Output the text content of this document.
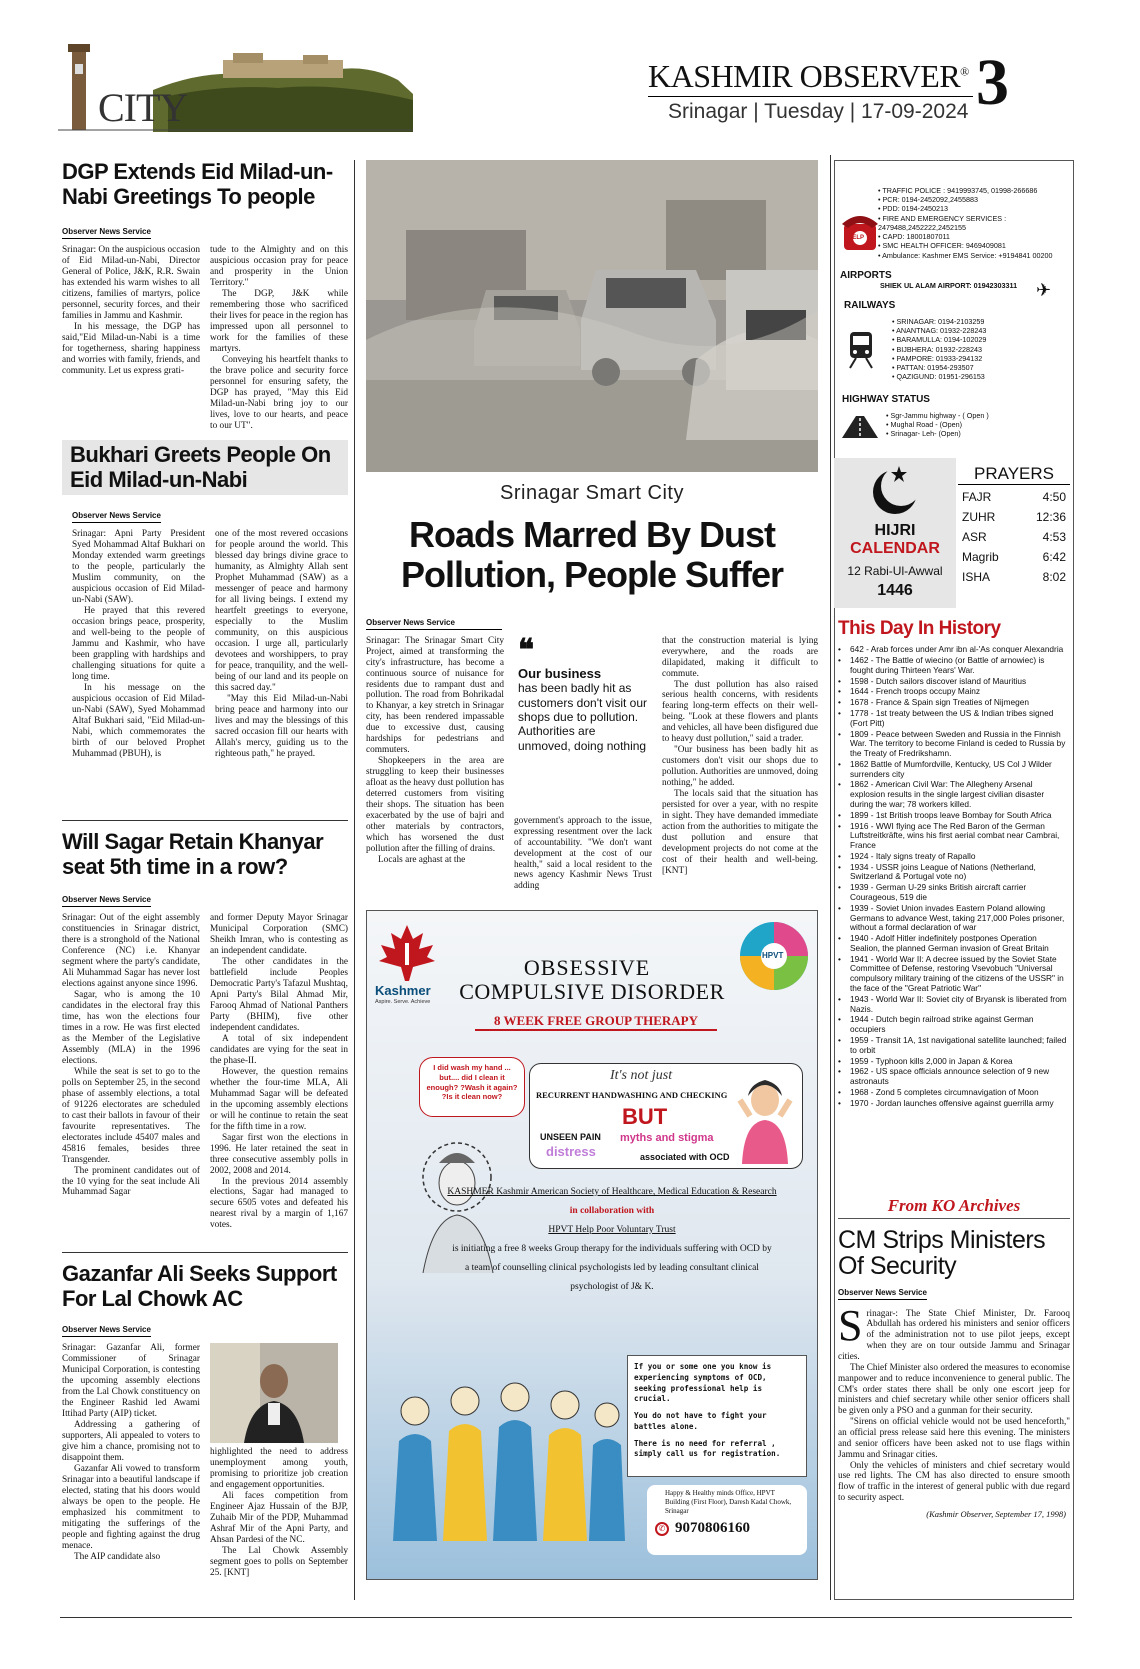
CITY
KASHMIR OBSERVER®
Srinagar | Tuesday | 17-09-2024 3
DGP Extends Eid Milad-un-Nabi Greetings To people
Observer News Service

Srinagar: On the auspicious occasion of Eid Milad-un-Nabi, Director General of Police, J&K, R.R. Swain has extended his warm wishes to all citizens, families of martyrs, police personnel, security forces, and their families in Jammu and Kashmir.

In his message, the DGP has said,"Eid Milad-un-Nabi is a time for togetherness, sharing happiness and worries with family, friends, and community. Let us express grati-

tude to the Almighty and on this auspicious occasion pray for peace and prosperity in the Union Territory."

The DGP, J&K while remembering those who sacrificed their lives for peace in the region has impressed upon all personnel to work for the families of these martyrs.

Conveying his heartfelt thanks to the brave police and security force personnel for ensuring safety, the DGP has prayed, "May this Eid Milad-un-Nabi bring joy to our lives, love to our hearts, and peace to our UT".

Bukhari Greets People On Eid Milad-un-Nabi
Observer News Service

Srinagar: Apni Party President Syed Mohammad Altaf Bukhari on Monday extended warm greetings to the people, particularly the Muslim community, on the auspicious occasion of Eid Milad-un-Nabi (SAW).

He prayed that this revered occasion brings peace, prosperity, and well-being to the people of Jammu and Kashmir, who have been grappling with hardships and challenging situations for quite a long time.

In his message on the auspicious occasion of Eid Milad-un-Nabi (SAW), Syed Mohammad Altaf Bukhari said, "Eid Milad-un-Nabi, which commemorates the birth of our beloved Prophet Muhammad (PBUH), is

one of the most revered occasions for people around the world. This blessed day brings divine grace to humanity, as Almighty Allah sent Prophet Muhammad (SAW) as a messenger of peace and harmony for all living beings. I extend my heartfelt greetings to everyone, especially to the Muslim community, on this auspicious occasion. I urge all, particularly devotees and worshippers, to pray for peace, tranquility, and the well-being of our land and its people on this sacred day."

"May this Eid Milad-un-Nabi bring peace and harmony into our lives and may the blessings of this sacred occasion fill our hearts with Allah's mercy, guiding us to the righteous path," he prayed.

Will Sagar Retain Khanyar seat 5th time in a row?
Observer News Service

Srinagar: Out of the eight assembly constituencies in Srinagar district, there is a stronghold of the National Conference (NC) i.e. Khanyar segment where the party's candidate, Ali Muhammad Sagar has never lost elections against anyone since 1996.

Sagar, who is among the 10 candidates in the electoral fray this time, has won the elections four times in a row. He was first elected as the Member of the Legislative Assembly (MLA) in the 1996 elections.

While the seat is set to go to the polls on September 25, in the second phase of assembly elections, a total of 91226 electorates are scheduled to cast their ballots in favour of their favourite representatives. The electorates include 45407 males and 45816 females, besides three Transgender.

The prominent candidates out of the 10 vying for the seat include Ali Muhammad Sagar

and former Deputy Mayor Srinagar Municipal Corporation (SMC) Sheikh Imran, who is contesting as an independent candidate.

The other candidates in the battlefield include Peoples Democratic Party's Tafazul Mushtaq, Apni Party's Bilal Ahmad Mir, Farooq Ahmad of National Panthers Party (BHIM), five other independent candidates.

A total of six independent candidates are vying for the seat in the phase-II.

However, the question remains whether the four-time MLA, Ali Muhammad Sagar will be defeated in the upcoming assembly elections or will he continue to retain the seat for the fifth time in a row.

Sagar first won the elections in 1996. He later retained the seat in three consecutive assembly polls in 2002, 2008 and 2014.

In the previous 2014 assembly elections, Sagar had managed to secure 6505 votes and defeated his nearest rival by a margin of 1,167 votes.

Gazanfar Ali Seeks Support For Lal Chowk AC
Observer News Service

Srinagar: Gazanfar Ali, former Commissioner of Srinagar Municipal Corporation, is contesting the upcoming assembly elections from the Lal Chowk constituency on the Engineer Rashid led Awami Ittihad Party (AIP) ticket.

Addressing a gathering of supporters, Ali appealed to voters to give him a chance, promising not to disappoint them.

Gazanfar Ali vowed to transform Srinagar into a beautiful landscape if elected, stating that his doors would always be open to the people. He emphasized his commitment to mitigating the sufferings of the people and fighting against the drug menace.

The AIP candidate also

highlighted the need to address unemployment among youth, promising to prioritize job creation and engagement opportunities.

Ali faces competition from Engineer Ajaz Hussain of the BJP, Zuhaib Mir of the PDP, Muhammad Ashraf Mir of the Apni Party, and Ahsan Pardesi of the NC.

The Lal Chowk Assembly segment goes to polls on September 25. [KNT]

Srinagar Smart City
Roads Marred By Dust Pollution, People Suffer
Observer News Service

Srinagar: The Srinagar Smart City Project, aimed at transforming the city's infrastructure, has become a continuous source of nuisance for residents due to rampant dust and pollution. The road from Bohrikadal to Khanyar, a key stretch in Srinagar city, has been rendered impassable due to excessive dust, causing hardships for pedestrians and commuters.

Shopkeepers in the area are struggling to keep their businesses afloat as the heavy dust pollution has deterred customers from visiting their shops. The situation has been exacerbated by the use of bajri and other materials by contractors, which has worsened the dust pollution after the filling of drains.

Locals are aghast at the

❝
Our business
has been badly hit as customers don't visit our shops due to pollution. Authorities are unmoved, doing nothing

government's approach to the issue, expressing resentment over the lack of accountability. "We don't want development at the cost of our health," said a local resident to the news agency Kashmir News Trust adding

that the construction material is lying everywhere, and the roads are dilapidated, making it difficult to commute.

The dust pollution has also raised serious health concerns, with residents fearing long-term effects on their well-being. "Look at these flowers and plants and vehicles, all have been disfigured due to heavy dust pollution," said a trader.

"Our business has been badly hit as customers don't visit our shops due to pollution. Authorities are unmoved, doing nothing," he added.

The locals said that the situation has persisted for over a year, with no respite in sight. They have demanded immediate action from the authorities to mitigate the dust pollution and ensure that development projects do not come at the cost of their health and well-being. [KNT]

Kashmer
Aspire. Serve. Achieve
OBSESSIVE
COMPULSIVE DISORDER
8 WEEK FREE GROUP THERAPY
HPVT
I did wash my hand ... but.... did I clean it enough? ?Wash it again? ?Is it clean now?
It's not just
RECURRENT HANDWASHING AND CHECKING
BUT
UNSEEN PAIN
distress
myths and stigma
associated with OCD
KASHMER Kashmir American Society of Healthcare, Medical Education & Research
in collaboration with
HPVT Help Poor Voluntary Trust
is initiating a free 8 weeks Group therapy for the individuals suffering with OCD by
a team of counselling clinical psychologists led by leading consultant clinical psychologist of J& K.
If you or some one you know is experiencing symptoms of OCD, seeking professional help is crucial.
You do not have to fight your battles alone.
There is no need for referral , simply call us for registration.
Happy & Healthy minds Office, HPVT Building (First Floor), Daresh Kadal Chowk, Srinagar
✆ 9070806160
HELP
• TRAFFIC POLICE : 9419993745, 01998-266686
• PCR: 0194-2452092,2455883
• PDD: 0194-2450213
• FIRE AND EMERGENCY SERVICES : 2479488,2452222,2452155
• CAPD: 18001807011
• SMC HEALTH OFFICER: 9469409081
• Ambulance: Kashmer EMS Service: +9194841 00200
AIRPORTS
SHIEK UL ALAM AIRPORT: 01942303311	✈
RAILWAYS
• SRINAGAR: 0194-2103259
• ANANTNAG: 01932-228243
• BARAMULLA: 0194-102029
• BIJBHERA: 01932-228243
• PAMPORE: 01933-294132
• PATTAN: 01954-293507
• QAZIGUND: 01951-296153
HIGHWAY STATUS
• Sgr-Jammu highway - ( Open )
• Mughal Road - (Open)
• Srinagar- Leh- (Open)
HIJRI
CALENDAR
12 Rabi-Ul-Awwal
1446
PRAYERS
FAJR	4:50
ZUHR	12:36
ASR	4:53
Magrib	6:42
ISHA	8:02
This Day In History
• 642 - Arab forces under Amr ibn al-'As conquer Alexandria
• 1462 - The Battle of wiecino (or Battle of arnowiec) is fought during Thirteen Years' War.
• 1598 - Dutch sailors discover island of Mauritius
• 1644 - French troops occupy Mainz
• 1678 - France & Spain sign Treaties of Nijmegen
• 1778 - 1st treaty between the US & Indian tribes signed (Fort Pitt)
• 1809 - Peace between Sweden and Russia in the Finnish War. The territory to become Finland is ceded to Russia by the Treaty of Fredrikshamn.
• 1862 Battle of Mumfordville, Kentucky, US Col J Wilder surrenders city
• 1862 - American Civil War: The Allegheny Arsenal explosion results in the single largest civilian disaster during the war; 78 workers killed.
• 1899 - 1st British troops leave Bombay for South Africa
• 1916 - WWI flying ace The Red Baron of the German Luftstreitkräfte, wins his first aerial combat near Cambrai, France
• 1924 - Italy signs treaty of Rapallo
• 1934 - USSR joins League of Nations (Netherland, Switzerland & Portugal vote no)
• 1939 - German U-29 sinks British aircraft carrier Courageous, 519 die
• 1939 - Soviet Union invades Eastern Poland allowing Germans to advance West, taking 217,000 Poles prisoner, without a formal declaration of war
• 1940 - Adolf Hitler indefinitely postpones Operation Sealion, the planned German invasion of Great Britain
• 1941 - World War II: A decree issued by the Soviet State Committee of Defense, restoring Vsevobuch "Universal compulsory military training of the citizens of the USSR" in the face of the "Great Patriotic War"
• 1943 - World War II: Soviet city of Bryansk is liberated from Nazis.
• 1944 - Dutch begin railroad strike against German occupiers
• 1959 - Transit 1A, 1st navigational satellite launched; failed to orbit
• 1959 - Typhoon kills 2,000 in Japan & Korea
• 1962 - US space officials announce selection of 9 new astronauts
• 1968 - Zond 5 completes circumnavigation of Moon
• 1970 - Jordan launches offensive against guerrilla army
From KO Archives
CM Strips Ministers Of Security
Observer News Service

Srinagar-: The State Chief Minister, Dr. Farooq Abdullah has ordered his ministers and senior officers of the administration not to use pilot jeeps, except when they are on tour outside Jammu and Srinagar cities.

The Chief Minister also ordered the measures to economise manpower and to reduce inconvenience to general public. The CM's order states there shall be only one escort jeep for ministers and chief secretary while other senior officers shall be given only a PSO and a gunman for their security.

"Sirens on official vehicle would not be used henceforth," an official press release said here this evening. The ministers and senior officers have been asked not to use flags within Jammu and Srinagar cities.

Only the vehicles of ministers and chief secretary would use red lights. The CM has also directed to ensure smooth flow of traffic in the interest of general public with due regard to security aspect.

(Kashmir Observer, September 17, 1998)
